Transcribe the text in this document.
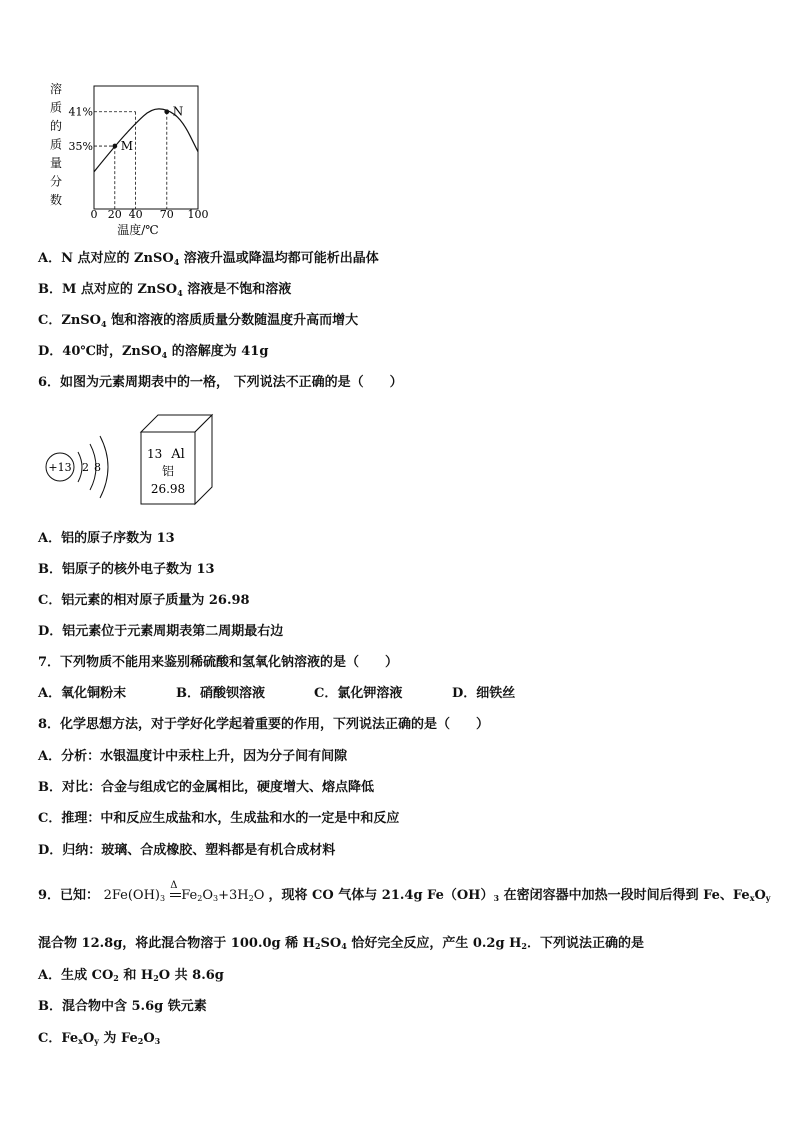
溶
质
的
质
量
分
数
41%
35%
0 20 40 70 100
M
N
温度/℃
A．N 点对应的 ZnSO$_4$ 溶液升温或降温均都可能析出晶体
B．M 点对应的 ZnSO$_4$ 溶液是不饱和溶液
C．ZnSO$_4$ 饱和溶液的溶质质量分数随温度升高而增大
D．40℃时，ZnSO$_4$ 的溶解度为 41g
6．如图为元素周期表中的一格， 下列说法不正确的是（　　）
+13 2 8
13 Al
铝
26.98
A．铝的原子序数为 13
B．铝原子的核外电子数为 13
C．铝元素的相对原子质量为 26.98
D．铝元素位于元素周期表第二周期最右边
7．下列物质不能用来鉴别稀硫酸和氢氧化钠溶液的是（　　）
A．氧化铜粉末	B．硝酸钡溶液	C．氯化钾溶液	D．细铁丝
8．化学思想方法，对于学好化学起着重要的作用，下列说法正确的是（　　）
A．分析：水银温度计中汞柱上升，因为分子间有间隙
B．对比：合金与组成它的金属相比，硬度增大、熔点降低
C．推理：中和反应生成盐和水，生成盐和水的一定是中和反应
D．归纳：玻璃、合成橡胶、塑料都是有机合成材料
9．已知： $2Fe(OH)_3$
Δ
$Fe_2O_3+3H_2O$ ，现将 CO 气体与 21.4g $Fe(OH)_3$ 在密闭容器中加热一段时间后得到 Fe、$Fe_xO_y$
混合物 12.8g，将此混合物溶于 100.0g 稀 $H_2SO_4$ 恰好完全反应，产生 0.2g $H_2$．下列说法正确的是
A．生成 $CO_2$ 和 $H_2O$ 共 8.6g
B．混合物中含 5.6g 铁元素
C．$Fe_xO_y$ 为 $Fe_2O_3$
